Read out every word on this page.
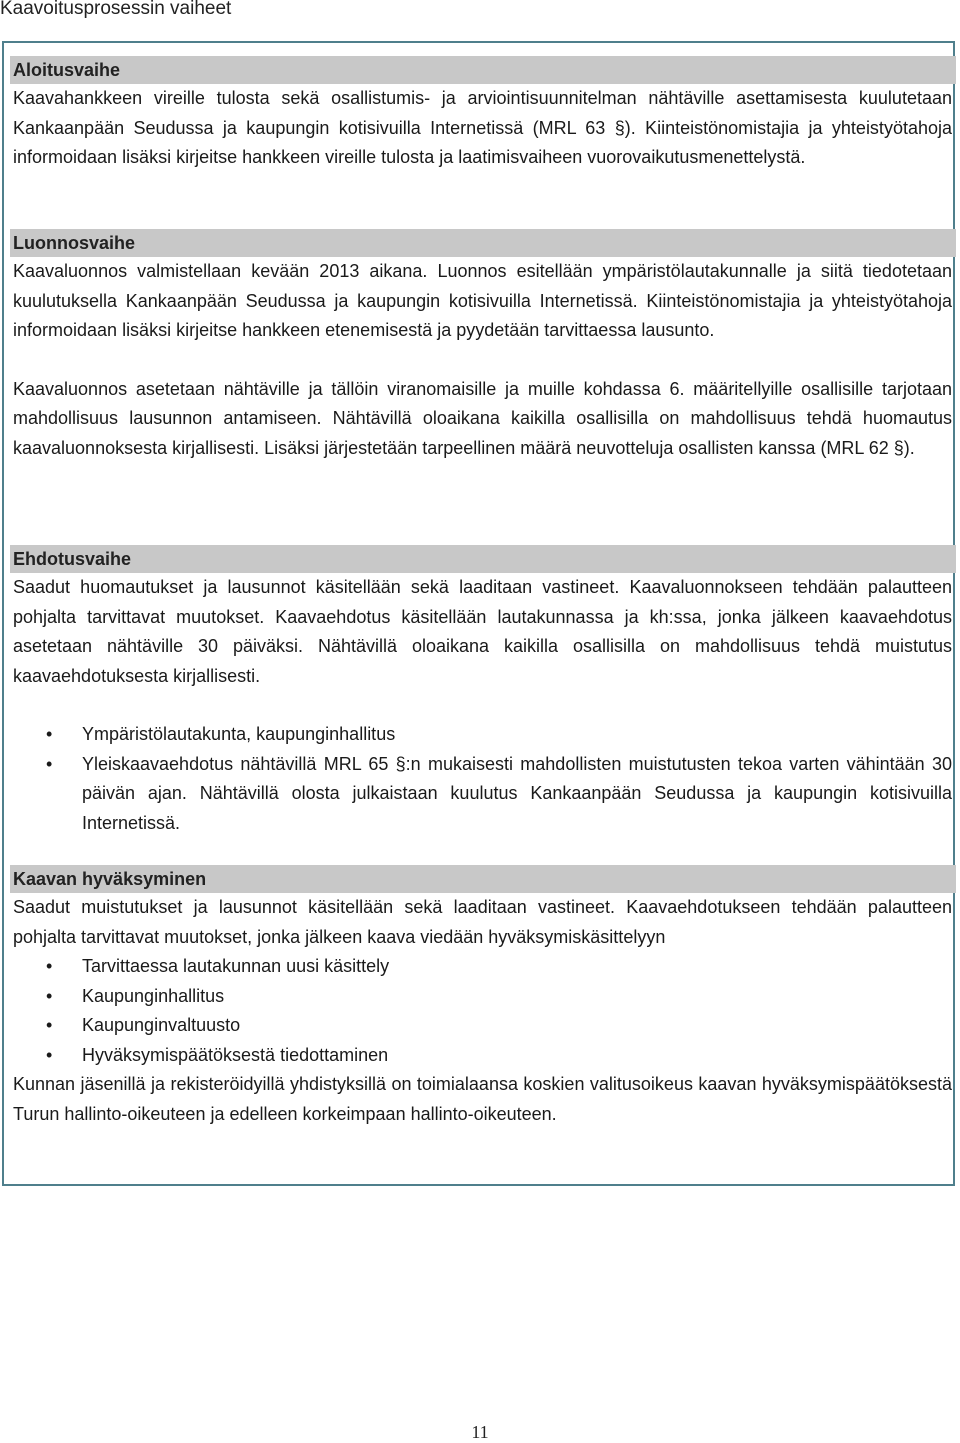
Kaavoitusprosessin vaiheet
Aloitusvaihe

Kaavahankkeen vireille tulosta sekä osallistumis- ja arviointisuunnitelman nähtäville asettamisesta kuulutetaan Kankaanpään Seudussa ja kaupungin kotisivuilla Internetissä (MRL 63 §). Kiinteistönomistajia ja yhteistyötahoja informoidaan lisäksi kirjeitse hankkeen vireille tulosta ja laatimisvaiheen vuorovaikutusmenettelystä.

Luonnosvaihe

Kaavaluonnos valmistellaan kevään 2013 aikana. Luonnos esitellään ympäristölautakunnalle ja siitä tiedotetaan kuulutuksella Kankaanpään Seudussa ja kaupungin kotisivuilla Internetissä. Kiinteistönomistajia ja yhteistyötahoja informoidaan lisäksi kirjeitse hankkeen etenemisestä ja pyydetään tarvittaessa lausunto.

Kaavaluonnos asetetaan nähtäville ja tällöin viranomaisille ja muille kohdassa 6. määritellyille osallisille tarjotaan mahdollisuus lausunnon antamiseen. Nähtävillä oloaikana kaikilla osallisilla on mahdollisuus tehdä huomautus kaavaluonnoksesta kirjallisesti. Lisäksi järjestetään tarpeellinen määrä neuvotteluja osallisten kanssa (MRL 62 §).

Ehdotusvaihe

Saadut huomautukset ja lausunnot käsitellään sekä laaditaan vastineet. Kaavaluonnokseen tehdään palautteen pohjalta tarvittavat muutokset. Kaavaehdotus käsitellään lautakunnassa ja kh:ssa, jonka jälkeen kaavaehdotus asetetaan nähtäville 30 päiväksi. Nähtävillä oloaikana kaikilla osallisilla on mahdollisuus tehdä muistutus kaavaehdotuksesta kirjallisesti.

• Ympäristölautakunta, kaupunginhallitus
• Yleiskaavaehdotus nähtävillä MRL 65 §:n mukaisesti mahdollisten muistutusten tekoa varten vähintään 30 päivän ajan. Nähtävillä olosta julkaistaan kuulutus Kankaanpään Seudussa ja kaupungin kotisivuilla Internetissä.
Kaavan hyväksyminen

Saadut muistutukset ja lausunnot käsitellään sekä laaditaan vastineet. Kaavaehdotukseen tehdään palautteen pohjalta tarvittavat muutokset, jonka jälkeen kaava viedään hyväksymiskäsittelyyn

• Tarvittaessa lautakunnan uusi käsittely
• Kaupunginhallitus
• Kaupunginvaltuusto
• Hyväksymispäätöksestä tiedottaminen

Kunnan jäsenillä ja rekisteröidyillä yhdistyksillä on toimialaansa koskien valitusoikeus kaavan hyväksymispäätöksestä Turun hallinto-oikeuteen ja edelleen korkeimpaan hallinto-oikeuteen.

11
